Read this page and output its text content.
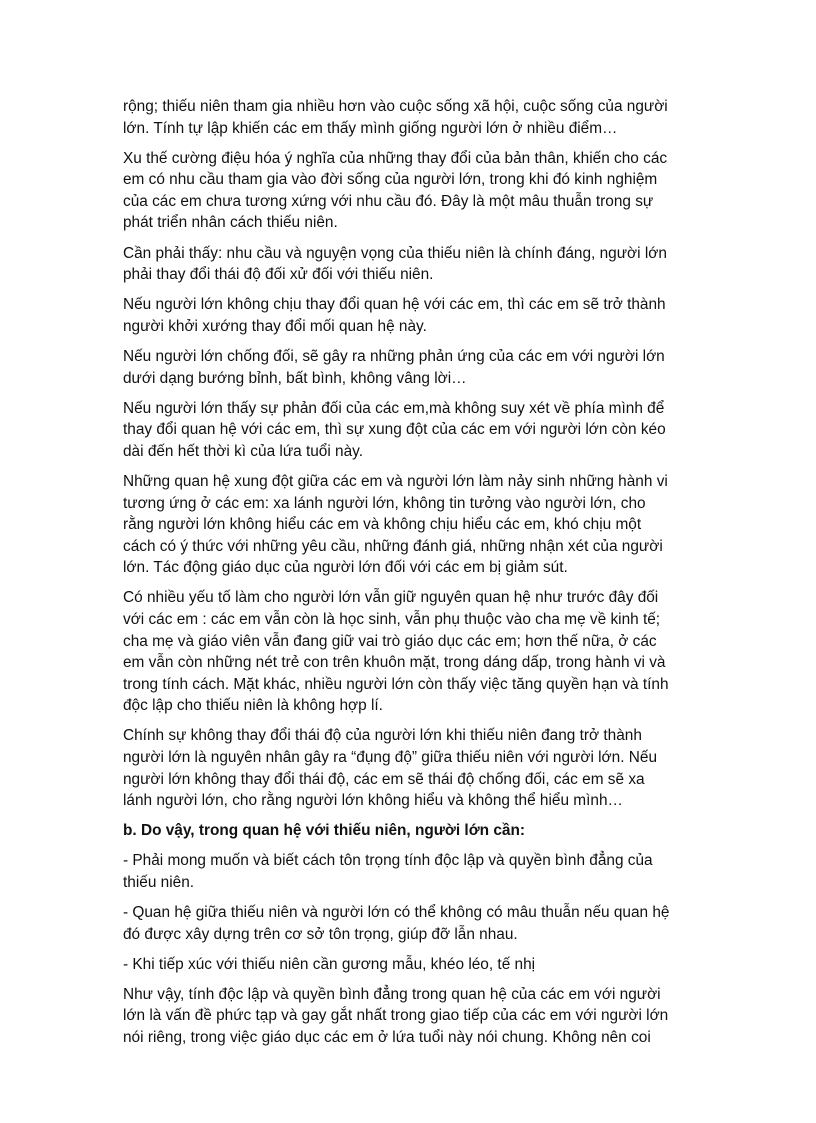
rộng; thiếu niên tham gia nhiều hơn vào cuộc sống xã hội, cuộc sống của người
lớn. Tính tự lập khiến các em thấy mình giống người lớn ở nhiều điểm…

Xu thế cường điệu hóa ý nghĩa của những thay đổi của bản thân, khiến cho các
em có nhu cầu tham gia vào đời sống của người lớn, trong khi đó kinh nghiệm
của các em chưa tương xứng với nhu cầu đó. Đây là một mâu thuẫn trong sự
phát triển nhân cách thiếu niên.

Cần phải thấy: nhu cầu và nguyện vọng của thiếu niên là chính đáng, người lớn
phải thay đổi thái độ đối xử đối với thiếu niên.

Nếu người lớn không chịu thay đổi quan hệ với các em, thì các em sẽ trở thành
người khởi xướng thay đổi mối quan hệ này.

Nếu người lớn chống đối, sẽ gây ra những phản ứng của các em với người lớn
dưới dạng bướng bỉnh, bất bình, không vâng lời…

Nếu người lớn thấy sự phản đối của các em,mà không suy xét về phía mình để
thay đổi quan hệ với các em, thì sự xung đột của các em với người lớn còn kéo
dài đến hết thời kì của lứa tuổi này.

Những quan hệ xung đột giữa các em và người lớn làm nảy sinh những hành vi
tương ứng ở các em: xa lánh người lớn, không tin tưởng vào người lớn, cho
rằng người lớn không hiểu các em và không chịu hiểu các em, khó chịu một
cách có ý thức với những yêu cầu, những đánh giá, những nhận xét của người
lớn. Tác động giáo dục của người lớn đối với các em bị giảm sút.

Có nhiều yếu tố làm cho người lớn vẫn giữ nguyên quan hệ như trước đây đối
với các em : các em vẫn còn là học sinh, vẫn phụ thuộc vào cha mẹ về kinh tế;
cha mẹ và giáo viên vẫn đang giữ vai trò giáo dục các em; hơn thế nữa, ở các
em vẫn còn những nét trẻ con trên khuôn mặt, trong dáng dấp, trong hành vi và
trong tính cách. Mặt khác, nhiều người lớn còn thấy việc tăng quyền hạn và tính
độc lập cho thiếu niên là không hợp lí.

Chính sự không thay đổi thái độ của người lớn khi thiếu niên đang trở thành
người lớn là nguyên nhân gây ra “đụng độ” giữa thiếu niên với người lớn. Nếu
người lớn không thay đổi thái độ, các em sẽ thái độ chống đối, các em sẽ xa
lánh người lớn, cho rằng người lớn không hiểu và không thể hiểu mình…

b. Do vậy, trong quan hệ với thiếu niên, người lớn cần:

- Phải mong muốn và biết cách tôn trọng tính độc lập và quyền bình đẳng của
thiếu niên.

- Quan hệ giữa thiếu niên và người lớn có thể không có mâu thuẫn nếu quan hệ
đó được xây dựng trên cơ sở tôn trọng, giúp đỡ lẫn nhau.

- Khi tiếp xúc với thiếu niên cần gương mẫu, khéo léo, tế nhị

Như vậy, tính độc lập và quyền bình đẳng trong quan hệ của các em với người
lớn là vấn đề phức tạp và gay gắt nhất trong giao tiếp của các em với người lớn
nói riêng, trong việc giáo dục các em ở lứa tuổi này nói chung. Không nên coi
